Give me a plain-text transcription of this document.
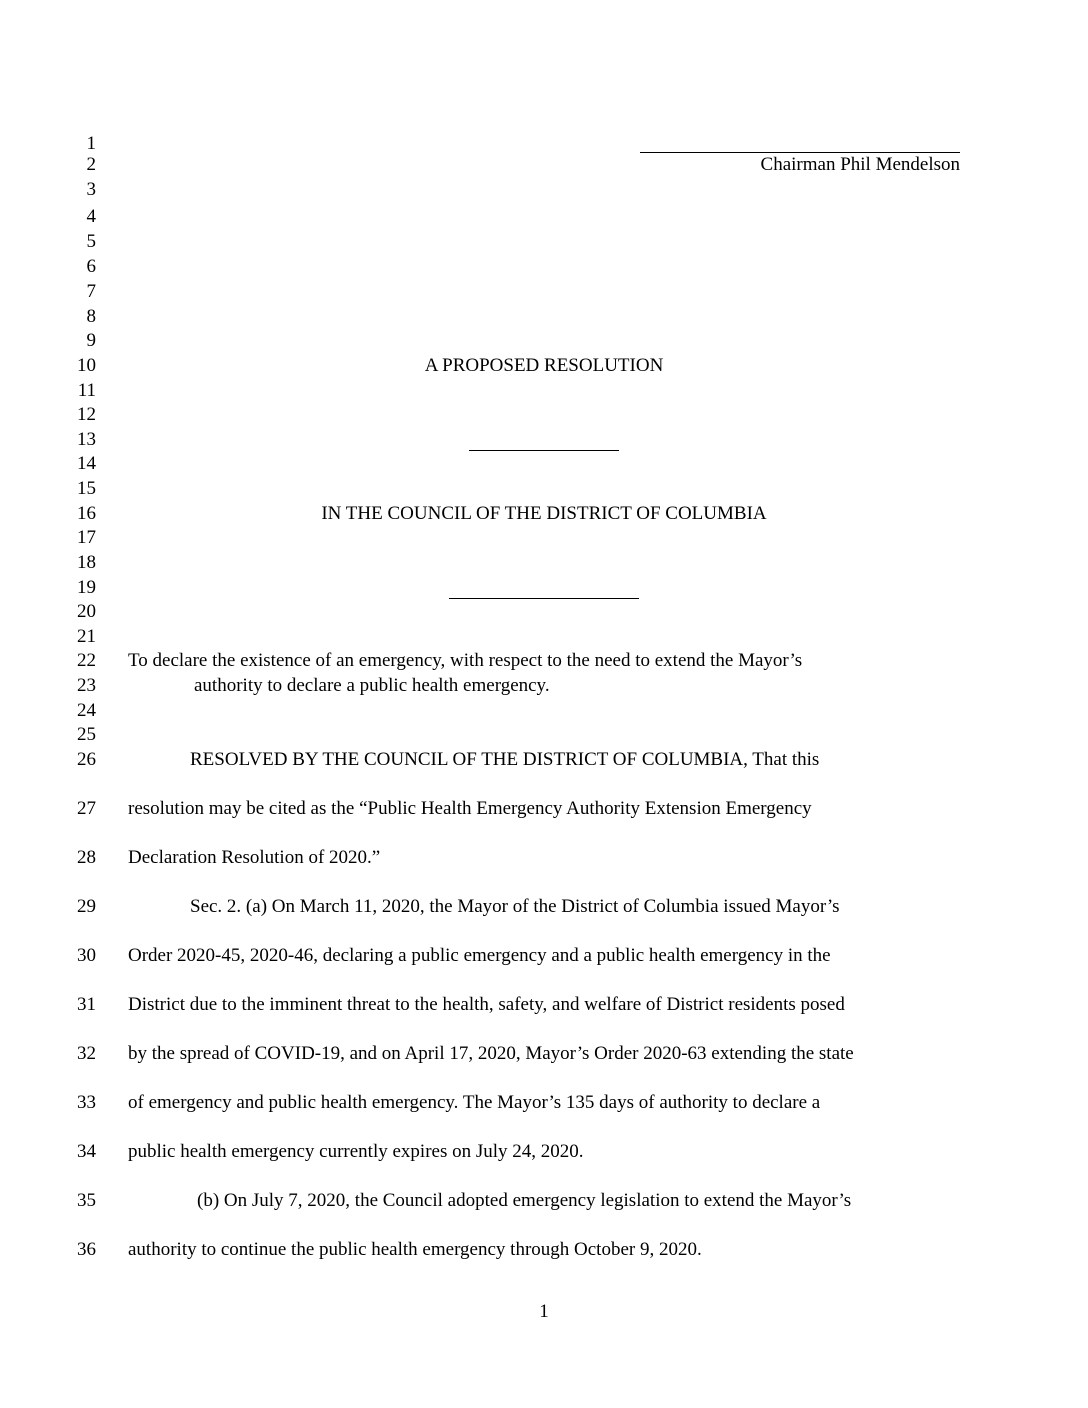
1
2
3
4
5
6
7
8
9
10
11
12
13
14
15
16
17
18
19
20
21
22
23
24
25
26
27
28
29
30
31
32
33
34
35
36
Chairman Phil Mendelson
A PROPOSED RESOLUTION
IN THE COUNCIL OF THE DISTRICT OF COLUMBIA
To declare the existence of an emergency, with respect to the need to extend the Mayor’s
authority to declare a public health emergency.
RESOLVED BY THE COUNCIL OF THE DISTRICT OF COLUMBIA, That this
resolution may be cited as the “Public Health Emergency Authority Extension Emergency
Declaration Resolution of 2020.”
Sec. 2. (a) On March 11, 2020, the Mayor of the District of Columbia issued Mayor’s
Order 2020-45, 2020-46, declaring a public emergency and a public health emergency in the
District due to the imminent threat to the health, safety, and welfare of District residents posed
by the spread of COVID-19, and on April 17, 2020, Mayor’s Order 2020-63 extending the state
of emergency and public health emergency. The Mayor’s 135 days of authority to declare a
public health emergency currently expires on July 24, 2020.
(b) On July 7, 2020, the Council adopted emergency legislation to extend the Mayor’s
authority to continue the public health emergency through October 9, 2020.
1
